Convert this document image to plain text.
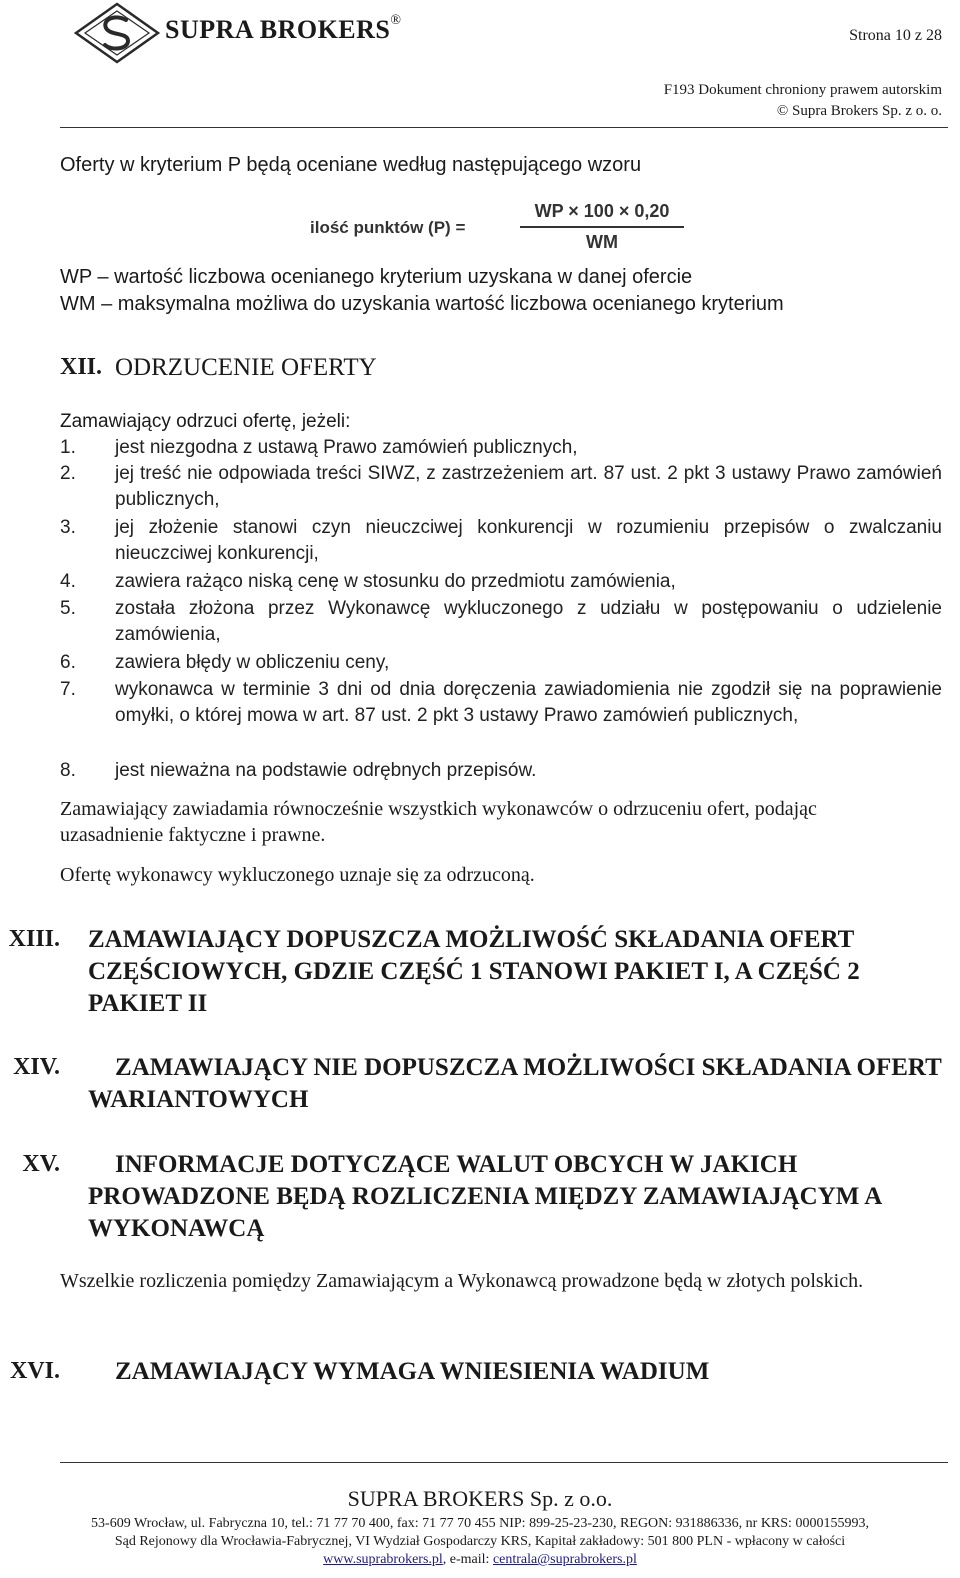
SUPRA BROKERS®
Strona 10 z 28
F193 Dokument chroniony prawem autorskim
© Supra Brokers Sp. z o. o.
Oferty w kryterium P będą oceniane według następującego wzoru
ilość punktów (P) =
WP × 100 × 0,20
WM
WP – wartość liczbowa ocenianego kryterium uzyskana w danej ofercie
WM – maksymalna możliwa do uzyskania wartość liczbowa ocenianego kryterium
XII. ODRZUCENIE OFERTY
Zamawiający odrzuci ofertę, jeżeli:
1. jest niezgodna z ustawą Prawo zamówień publicznych,
2. jej treść nie odpowiada treści SIWZ, z zastrzeżeniem art. 87 ust. 2 pkt 3 ustawy Prawo zamówień publicznych,
3. jej złożenie stanowi czyn nieuczciwej konkurencji w rozumieniu przepisów o zwalczaniu nieuczciwej konkurencji,
4. zawiera rażąco niską cenę w stosunku do przedmiotu zamówienia,
5. została złożona przez Wykonawcę wykluczonego z udziału w postępowaniu o udzielenie zamówienia,
6. zawiera błędy w obliczeniu ceny,
7. wykonawca w terminie 3 dni od dnia doręczenia zawiadomienia nie zgodził się na poprawienie omyłki, o której mowa w art. 87 ust. 2 pkt 3 ustawy Prawo zamówień publicznych,
8. jest nieważna na podstawie odrębnych przepisów.
Zamawiający zawiadamia równocześnie wszystkich wykonawców o odrzuceniu ofert, podając uzasadnienie faktyczne i prawne.
Ofertę wykonawcy wykluczonego uznaje się za odrzuconą.
XIII. ZAMAWIAJĄCY DOPUSZCZA MOŻLIWOŚĆ SKŁADANIA OFERT CZĘŚCIOWYCH, GDZIE CZĘŚĆ 1 STANOWI PAKIET I, A CZĘŚĆ 2 PAKIET II
XIV.	ZAMAWIAJĄCY NIE DOPUSZCZA MOŻLIWOŚCI SKŁADANIA OFERT WARIANTOWYCH
XV.	INFORMACJE DOTYCZĄCE WALUT OBCYCH W JAKICH PROWADZONE BĘDĄ ROZLICZENIA MIĘDZY ZAMAWIAJĄCYM A WYKONAWCĄ
Wszelkie rozliczenia pomiędzy Zamawiającym a Wykonawcą prowadzone będą w złotych polskich.
XVI. ZAMAWIAJĄCY WYMAGA WNIESIENIA WADIUM
SUPRA BROKERS Sp. z o.o.
53-609 Wrocław, ul. Fabryczna 10, tel.: 71 77 70 400, fax: 71 77 70 455 NIP: 899-25-23-230, REGON: 931886336, nr KRS: 0000155993,
Sąd Rejonowy dla Wrocławia-Fabrycznej, VI Wydział Gospodarczy KRS, Kapitał zakładowy: 501 800 PLN - wpłacony w całości
www.suprabrokers.pl, e-mail: centrala@suprabrokers.pl
